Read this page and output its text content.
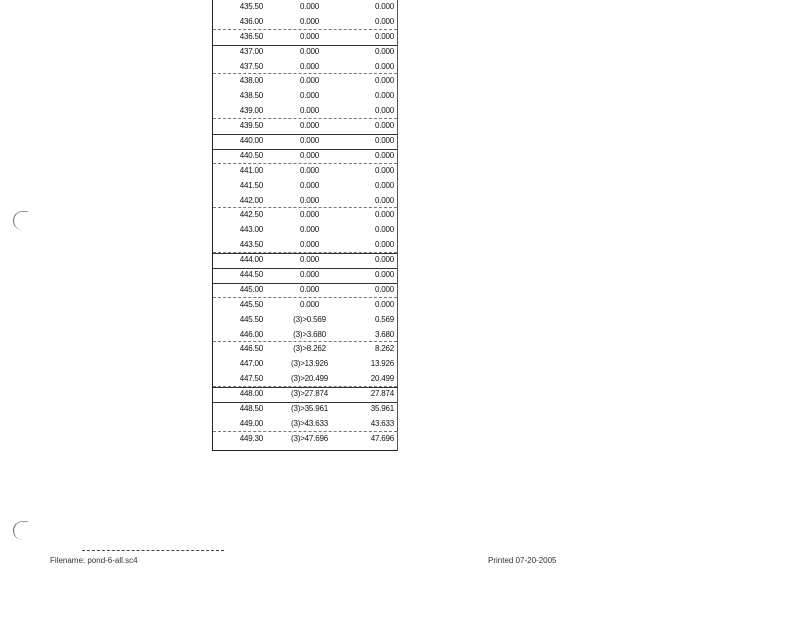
435.50	0.000	0.000
436.00	0.000	0.000
436.50	0.000	0.000
437.00	0.000	0.000
437.50	0.000	0.000
438.00	0.000	0.000
438.50	0.000	0.000
439.00	0.000	0.000
439.50	0.000	0.000
440.00	0.000	0.000
440.50	0.000	0.000
441.00	0.000	0.000
441.50	0.000	0.000
442.00	0.000	0.000
442.50	0.000	0.000
443.00	0.000	0.000
443.50	0.000	0.000
444.00	0.000	0.000
444.50	0.000	0.000
445.00	0.000	0.000
445.50	0.000	0.000
445.50	(3)>0.569	0.569
446.00	(3)>3.680	3.680
446.50	(3)>8.262	8.262
447.00	(3)>13.926	13.926
447.50	(3)>20.499	20.499
448.00	(3)>27.874	27.874
448.50	(3)>35.961	35.961
449.00	(3)>43.633	43.633
449.30	(3)>47.696	47.696
Filename: pond-6-all.sc4	Printed 07-20-2005
